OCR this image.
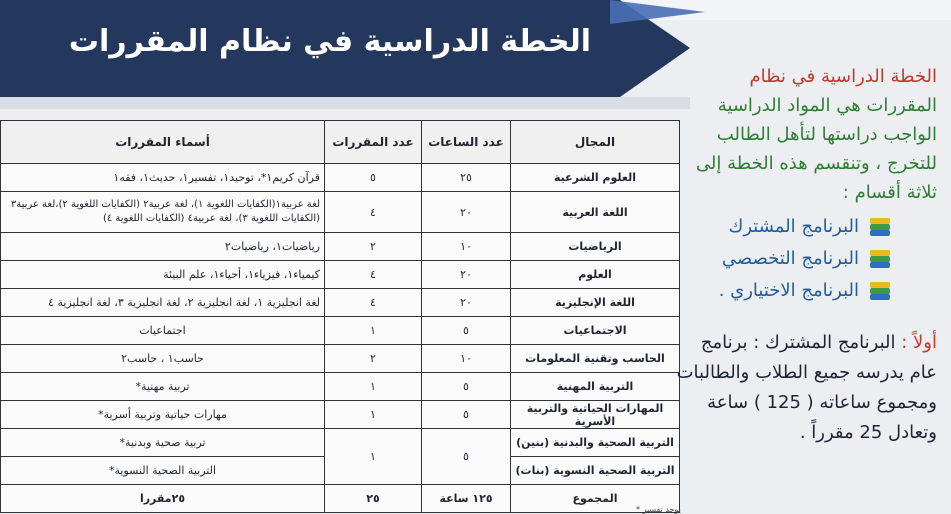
الخطة الدراسية في نظام المقررات
المجال	عدد الساعات	عدد المقررات	أسماء المقررات
العلوم الشرعية	٢٥	٥	قرآن كريم١*، توحيد١، تفسير١، حديث١، فقه١
اللغة العربية	٢٠	٤	لغة عربية١(الكفايات اللغوية ١)، لغة عربية٢ (الكفايات اللغوية ٢)،لغة عربية٣ (الكفايات اللغوية ٣)، لغة عربية٤ (الكفايات اللغوية ٤)
الرياضيات	١٠	٢	رياضيات١، رياضيات٢
العلوم	٢٠	٤	كيمياء١، فيزياء١، أحياء١، علم البيئة
اللغة الإنجليزية	٢٠	٤	لغة انجليزية ١، لغة انجليزية ٢، لغة انجليزية ٣، لغة انجليزية ٤
الاجتماعيات	٥	١	اجتماعيات
الحاسب وتقنية المعلومات	١٠	٢	حاسب١ ، حاسب٢
التربية المهنية	٥	١	تربية مهنية*
المهارات الحياتية والتربية الأسرية	٥	١	مهارات حياتية وتربية أسرية*
التربية الصحية والبدنية (بنين)	٥	١	تربية صحية وبدنية*
التربية الصحية النسوية (بنات)			التربية الصحية النسوية*
المجموع	١٢٥ ساعة	٢٥	٢٥مقررا
الخطة الدراسية في نظام
المقررات هي المواد الدراسية
الواجب دراستها لتأهل الطالب
للتخرج ، وتنقسم هذه الخطة إلى
ثلاثة أقسام :
البرنامج المشترك
البرنامج التخصصي
البرنامج الاختياري .
أولاً : البرنامج المشترك : برنامج
عام يدرسه جميع الطلاب والطالبات
ومجموع ساعاته ( 125 ) ساعة
وتعادل 25 مقرراً .
* يوجد تفسير
